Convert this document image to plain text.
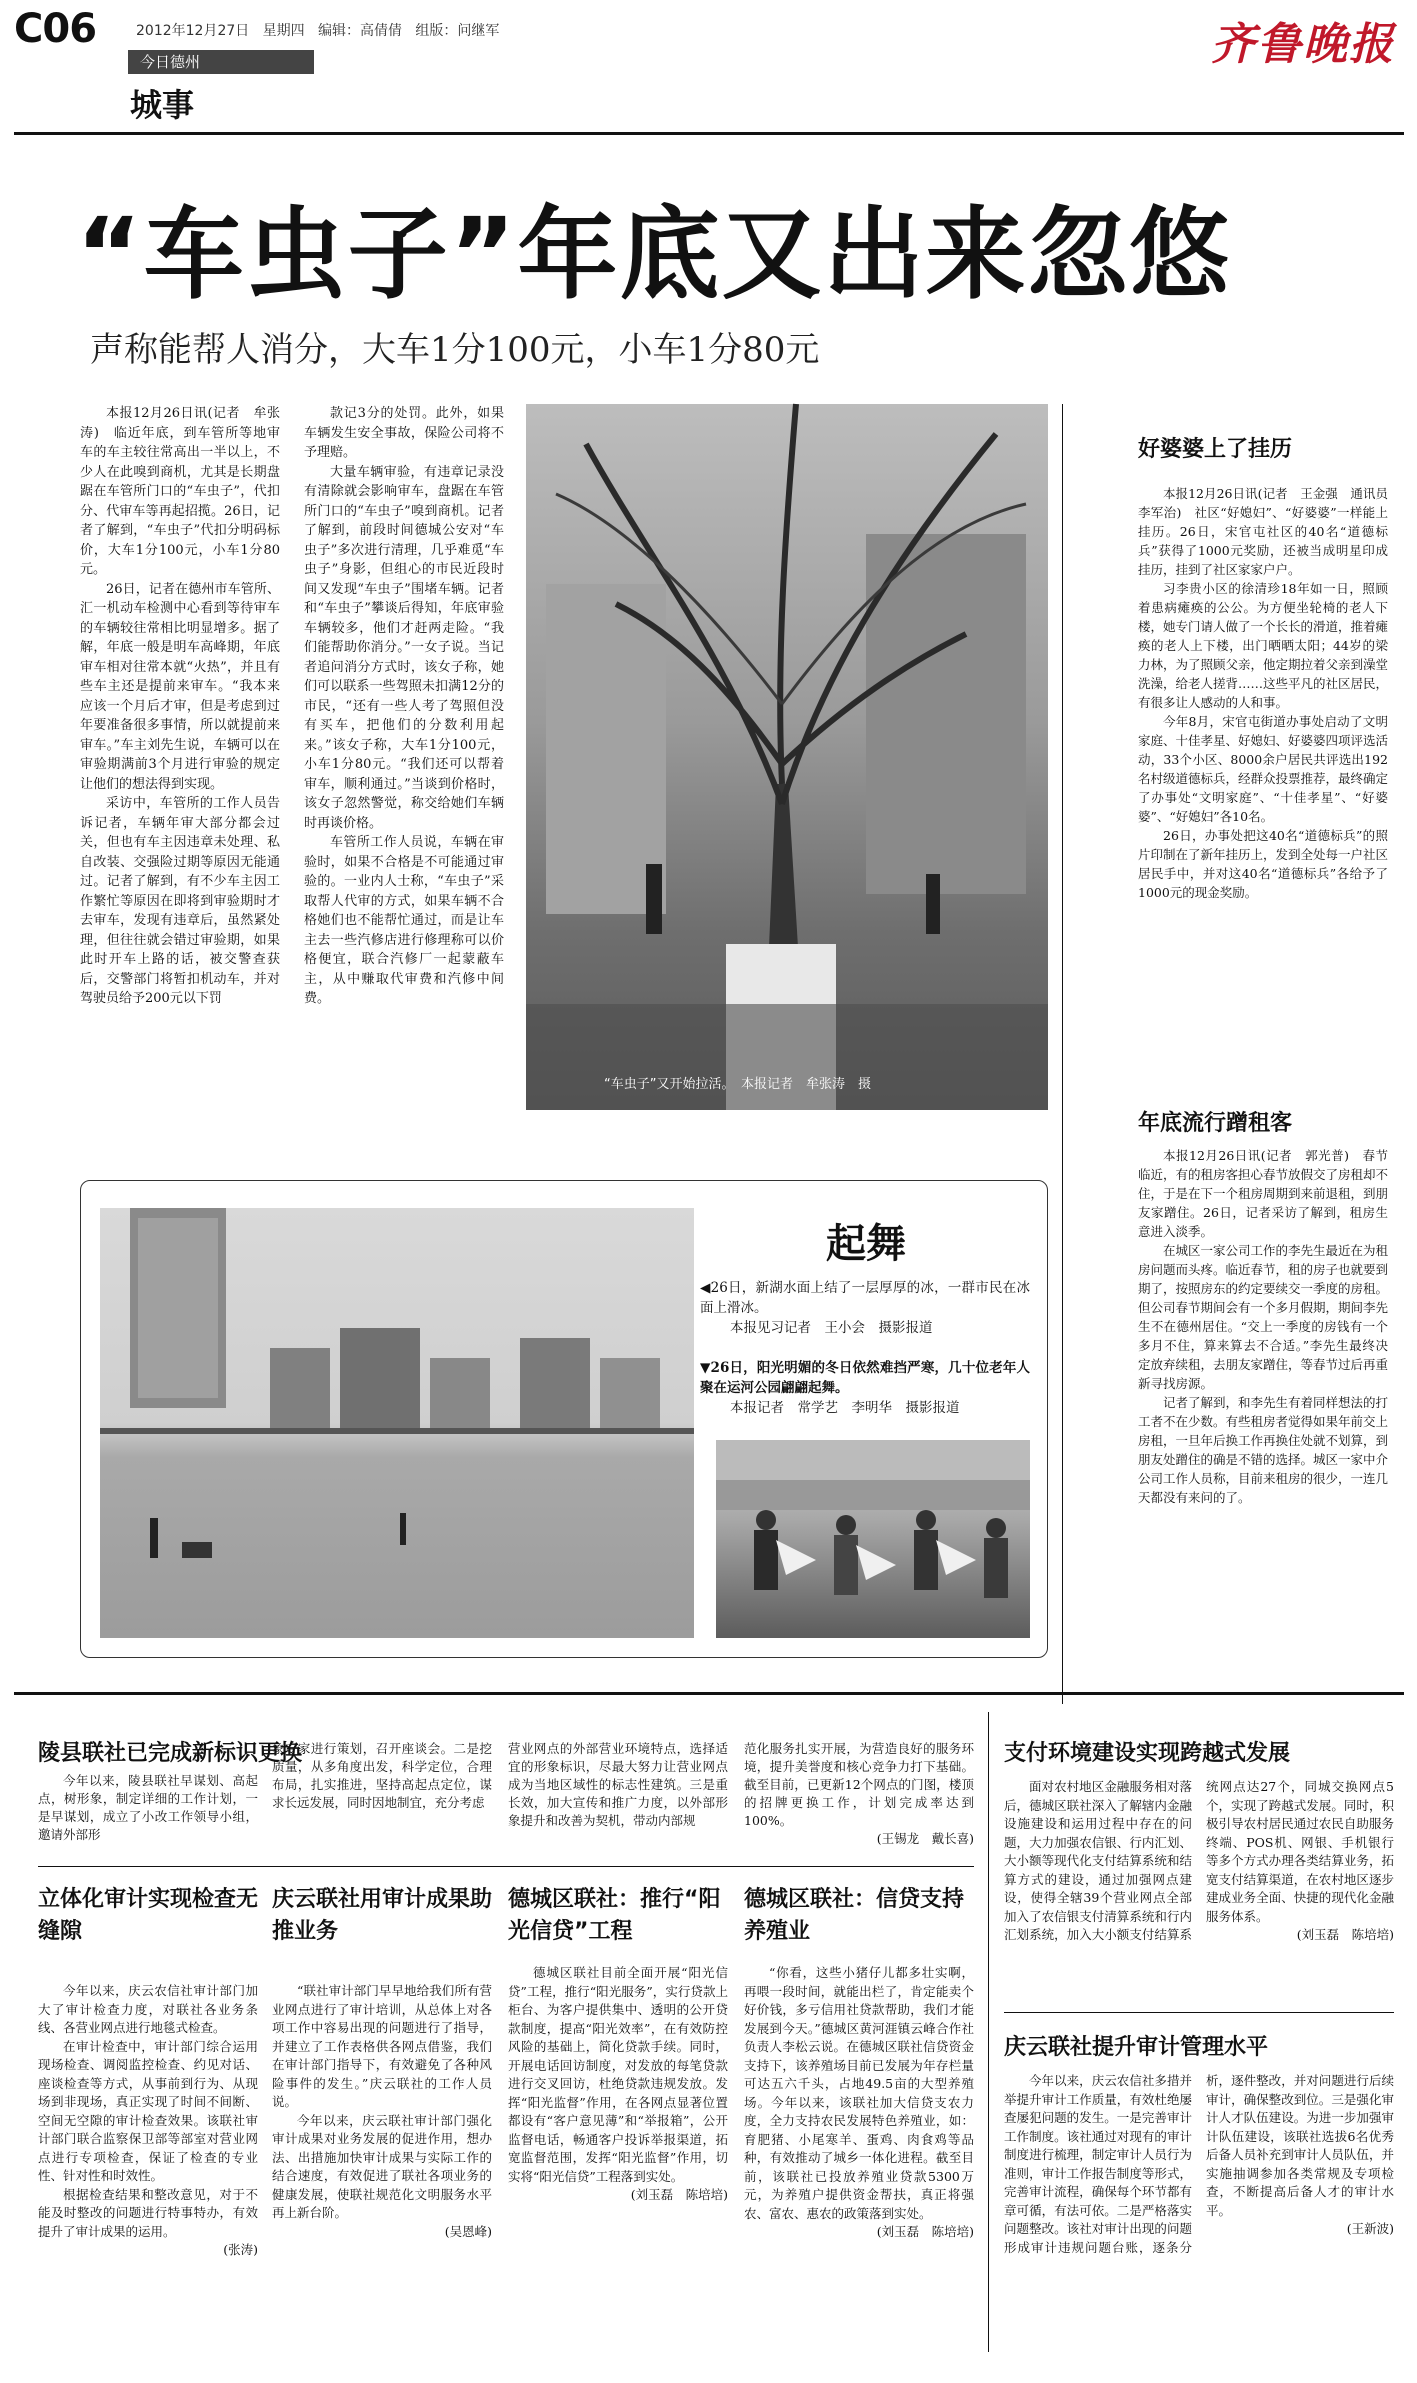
C06	2012年12月27日 星期四 编辑：高倩倩 组版：问继军
今日德州
城事
齐鲁晚报
“车虫子”年底又出来忽悠
声称能帮人消分，大车1分100元，小车1分80元

本报12月26日讯(记者　牟张涛)　临近年底，到车管所等地审车的车主较往常高出一半以上，不少人在此嗅到商机，尤其是长期盘踞在车管所门口的“车虫子”，代扣分、代审车等再起招揽。26日，记者了解到，“车虫子”代扣分明码标价，大车1分100元，小车1分80元。

26日，记者在德州市车管所、汇一机动车检测中心看到等待审车的车辆较往常相比明显增多。据了解，年底一般是明车高峰期，年底审车相对往常本就“火热”，并且有些车主还是提前来审车。“我本来应该一个月后才审，但是考虑到过年要准备很多事情，所以就提前来审车。”车主刘先生说，车辆可以在审验期满前3个月进行审验的规定让他们的想法得到实现。

采访中，车管所的工作人员告诉记者，车辆年审大部分都会过关，但也有车主因违章未处理、私自改装、交强险过期等原因无能通过。记者了解到，有不少车主因工作繁忙等原因在即将到审验期时才去审车，发现有违章后，虽然紧处理，但往往就会错过审验期，如果此时开车上路的话，被交警查获后，交警部门将暂扣机动车，并对驾驶员给予200元以下罚

款记3分的处罚。此外，如果车辆发生安全事故，保险公司将不予理赔。

大量车辆审验，有违章记录没有清除就会影响审车，盘踞在车管所门口的“车虫子”嗅到商机。记者了解到，前段时间德城公安对“车虫子”多次进行清理，几乎难觅“车虫子”身影，但组心的市民近段时间又发现“车虫子”围堵车辆。记者和“车虫子”攀谈后得知，年底审验车辆较多，他们才赶两走险。“我们能帮助你消分。”一女子说。当记者追问消分方式时，该女子称，她们可以联系一些驾照未扣满12分的市民，“还有一些人考了驾照但没有买车，把他们的分数利用起来。”该女子称，大车1分100元，小车1分80元。“我们还可以帮着审车，顺利通过。”当谈到价格时，该女子忽然警觉，称交给她们车辆时再谈价格。

车管所工作人员说，车辆在审验时，如果不合格是不可能通过审验的。一业内人士称，“车虫子”采取帮人代审的方式，如果车辆不合格她们也不能帮忙通过，而是让车主去一些汽修店进行修理称可以价格便宜，联合汽修厂一起蒙蔽车主，从中赚取代审费和汽修中间费。

“车虫子”又开始拉活。　本报记者　牟张涛　摄
起舞
◀26日，新湖水面上结了一层厚厚的冰，一群市民在冰面上滑冰。
本报见习记者　王小会　摄影报道
▼26日，阳光明媚的冬日依然难挡严寒，几十位老年人聚在运河公园翩翩起舞。
本报记者　常学艺　李明华　摄影报道
好婆婆上了挂历

本报12月26日讯(记者　王金强　通讯员　李军治)　社区“好媳妇”、“好婆婆”一样能上挂历。26日，宋官屯社区的40名“道德标兵”获得了1000元奖励，还被当成明星印成挂历，挂到了社区家家户户。

习李贵小区的徐清珍18年如一日，照顾着患病瘫痪的公公。为方便坐轮椅的老人下楼，她专门请人做了一个长长的滑道，推着瘫痪的老人上下楼，出门晒晒太阳；44岁的梁力林，为了照顾父亲，他定期拉着父亲到澡堂洗澡，给老人搓背……这些平凡的社区居民，有很多让人感动的人和事。

今年8月，宋官屯街道办事处启动了文明家庭、十佳孝星、好媳妇、好婆婆四项评选活动，33个小区、8000余户居民共评选出192名村级道德标兵，经群众投票推荐，最终确定了办事处“文明家庭”、“十佳孝星”、“好婆婆”、“好媳妇”各10名。

26日，办事处把这40名“道德标兵”的照片印制在了新年挂历上，发到全处每一户社区居民手中，并对这40名“道德标兵”各给予了1000元的现金奖励。

年底流行蹭租客

本报12月26日讯(记者　郭光普)　春节临近，有的租房客担心春节放假交了房租却不住，于是在下一个租房周期到来前退租，到朋友家蹭住。26日，记者采访了解到，租房生意进入淡季。

在城区一家公司工作的李先生最近在为租房问题而头疼。临近春节，租的房子也就要到期了，按照房东的约定要续交一季度的房租。但公司春节期间会有一个多月假期，期间李先生不在德州居住。“交上一季度的房钱有一个多月不住，算来算去不合适。”李先生最终决定放弃续租，去朋友家蹭住，等春节过后再重新寻找房源。

记者了解到，和李先生有着同样想法的打工者不在少数。有些租房者觉得如果年前交上房租，一旦年后换工作再换住处就不划算，到朋友处蹭住的确是不错的选择。城区一家中介公司工作人员称，目前来租房的很少，一连几天都没有来问的了。

陵县联社已完成新标识更换

今年以来，陵县联社早谋划、高起点，树形象，制定详细的工作计划，一是早谋划，成立了小改工作领导小组，邀请外部形

象专家进行策划，召开座谈会。二是挖质量，从多角度出发，科学定位，合理布局，扎实推进，坚持高起点定位，谋求长远发展，同时因地制宜，充分考虑

营业网点的外部营业环境特点，选择适宜的形象标识，尽最大努力让营业网点成为当地区域性的标志性建筑。三是重长效，加大宣传和推广力度，以外部形象提升和改善为契机，带动内部规

范化服务扎实开展，为营造良好的服务环境，提升美誉度和核心竞争力打下基础。截至目前，已更新12个网点的门图，楼顶的招牌更换工作，计划完成率达到100%。

(王锡龙　戴长喜)
立体化审计实现检查无缝隙

今年以来，庆云农信社审计部门加大了审计检查力度，对联社各业务条线、各营业网点进行地毯式检查。

在审计检查中，审计部门综合运用现场检查、调阅监控检查、约见对话、座谈检查等方式，从事前到行为、从现场到非现场，真正实现了时间不间断、空间无空隙的审计检查效果。该联社审计部门联合监察保卫部等部室对营业网点进行专项检查，保证了检查的专业性、针对性和时效性。

根据检查结果和整改意见，对于不能及时整改的问题进行特事特办，有效提升了审计成果的运用。

(张涛)
庆云联社用审计成果助推业务

“联社审计部门早早地给我们所有营业网点进行了审计培训，从总体上对各项工作中容易出现的问题进行了指导，并建立了工作表格供各网点借鉴，我们在审计部门指导下，有效避免了各种风险事件的发生。”庆云联社的工作人员说。

今年以来，庆云联社审计部门强化审计成果对业务发展的促进作用，想办法、出措施加快审计成果与实际工作的结合速度，有效促进了联社各项业务的健康发展，使联社规范化文明服务水平再上新台阶。

(吴恩峰)
德城区联社：推行“阳光信贷”工程

德城区联社目前全面开展“阳光信贷”工程，推行“阳光服务”，实行贷款上柜台、为客户提供集中、透明的公开贷款制度，提高“阳光效率”，在有效防控风险的基础上，简化贷款手续。同时，开展电话回访制度，对发放的每笔贷款进行交叉回访，杜绝贷款违规发放。发挥“阳光监督”作用，在各网点显著位置都设有“客户意见薄”和“举报箱”，公开监督电话，畅通客户投诉举报渠道，拓宽监督范围，发挥“阳光监督”作用，切实将“阳光信贷”工程落到实处。

(刘玉磊　陈培培)
德城区联社：信贷支持养殖业

“你看，这些小猪仔儿都多壮实啊，再喂一段时间，就能出栏了，肯定能卖个好价钱，多亏信用社贷款帮助，我们才能发展到今天。”德城区黄河涯镇云峰合作社负责人李松云说。在德城区联社信贷资金支持下，该养殖场目前已发展为年存栏量可达五六千头，占地49.5亩的大型养殖场。今年以来，该联社加大信贷支农力度，全力支持农民发展特色养殖业，如：育肥猪、小尾寒羊、蛋鸡、肉食鸡等品种，有效推动了城乡一体化进程。截至目前，该联社已投放养殖业贷款5300万元，为养殖户提供资金帮扶，真正将强农、富农、惠农的政策落到实处。

(刘玉磊　陈培培)
支付环境建设实现跨越式发展

面对农村地区金融服务相对落后，德城区联社深入了解辖内金融设施建设和运用过程中存在的问题，大力加强农信银、行内汇划、大小额等现代化支付结算系统和结算方式的建设，通过加强网点建设，使得全辖39个营业网点全部加入了农信银支付清算系统和行内汇划系统，加入大小额支付结算系统网点达27个，同城交换网点5个，实现了跨越式发展。同时，积极引导农村居民通过农民自助服务终端、POS机、网银、手机银行等多个方式办理各类结算业务，拓宽支付结算渠道，在农村地区逐步建成业务全面、快捷的现代化金融服务体系。

(刘玉磊　陈培培)
庆云联社提升审计管理水平

今年以来，庆云农信社多措并举提升审计工作质量，有效杜绝屡查屡犯问题的发生。一是完善审计工作制度。该社通过对现有的审计制度进行梳理，制定审计人员行为准则，审计工作报告制度等形式，完善审计流程，确保每个环节都有章可循，有法可依。二是严格落实问题整改。该社对审计出现的问题形成审计违规问题台账，逐条分析，逐件整改，并对问题进行后续审计，确保整改到位。三是强化审计人才队伍建设。为进一步加强审计队伍建设，该联社选拔6名优秀后备人员补充到审计人员队伍，并实施抽调参加各类常规及专项检查，不断提高后备人才的审计水平。

(王新波)
